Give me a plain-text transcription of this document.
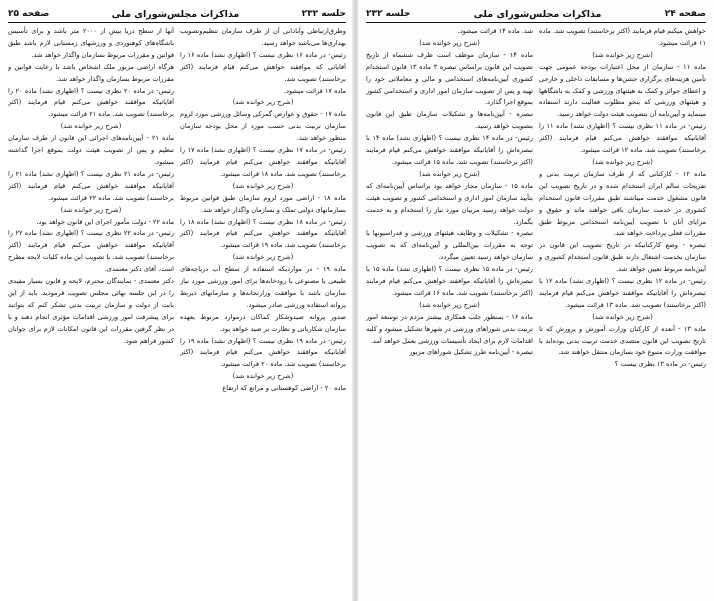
جلسه ۲۳۲
مذاکرات مجلس‌شورای ملی
صفحه ۲۵

وطرق‌ارتباطی وآبادانی آن از طرف سازمان تنظیم‌وتصویب بهداری‌ها می‌باشد خواهد رسید.

رئیس- در ماده ۱۶ نظری نیست ؟ (اظهاری نشد) ماده ۱۶ را آقایانی که موافقند خواهش می‌کنم قیام فرمایند (اکثر برخاستند) تصویب شد.

ماده ۱۷ قرائت میشود.

(شرح زیر خوانده شد)

ماده ۱۷ - حقوق و عوارض گمرکی وسائل ورزشی مورد لزوم سازمان تربیت بدنی حسب مورد از محل بودجه سازمان منظور خواهد شد.

رئیس- در ماده ۱۷ نظری نیست ؟ (اظهاری نشد) ماده ۱۷ را آقایانیکه موافقند خواهش می‌کنم قیام فرمایند (اکثر برخاستند) تصویب شد. ماده ۱۸ قرائت میشود.

(شرح زیر خوانده شد)

ماده ۱۸ - اراضی مورد لزوم سازمان طبق قوانین مربوط بسازمانهای دولتی تملک و بسازمان واگذار خواهد شد.

رئیس- در ماده ۱۸ نظری نیست ؟ (اظهاری نشد) ماده ۱۸ را آقایانیکه موافقند خواهش می‌کنم قیام فرمایند (اکثر برخاستند) تصویب شد. ماده ۱۹ قرائت میشود.

(شرح زیر خوانده شد)

ماده ۱۹ - در مواردیکه استفاده از سطح آب دریاچه‌های طبیعی یا مصنوعی یا رودخانه‌ها برای امور ورزشی مورد نیاز سازمان باشد با موافقت وزارتخانه‌ها و سازمانهای ذیربط پروانه استفاده ورزشی صادر میشود.

صدور پروانه صیدوشکار کماکان درموارد مربوط بعهده سازمان شکاربانی و نظارت بر صید خواهد بود.

رئیس- در ماده ۱۹ نظری نیست ؟ (اظهاری نشد) ماده ۱۹ را آقایانیکه موافقند خواهش می‌کنم قیام فرمایند (اکثر برخاستند) تصویب شد. ماده ۲۰ قرائت میشود.

(شرح زیر خوانده شد)

ماده ۲۰ - اراضی کوهستانی و مراتع که ارتفاع

آنها از سطح دریا بیش از ۲۰۰۰ متر باشد و برای تأسیس باشگاه‌های کوهنوردی و ورزشهای زمستانی لازم باشد طبق قوانین و مقررات مربوط بسازمان واگذار خواهد شد.

هرگاه اراضی مزبور ملک اشخاص باشد با رعایت قوانین و مقررات مربوط بسازمان واگذار خواهد شد.

رئیس- در ماده ۲۰ نظری نیست ؟ (اظهاری نشد) ماده ۲۰ را آقایانیکه موافقند خواهش می‌کنم قیام فرمایند (اکثر برخاستند) تصویب شد. ماده ۲۱ قرائت میشود.

(شرح زیر خوانده شد)

ماده ۲۱ - آیین‌نامه‌های اجرائی این قانون از طرف سازمان تنظیم و پس از تصویب هیئت دولت بموقع اجرا گذاشته میشود.

رئیس- در ماده ۲۱ نظری نیست ؟ (اظهاری نشد) ماده ۲۱ را آقایانیکه موافقند خواهش می‌کنم قیام فرمایند (اکثر برخاستند) تصویب شد. ماده ۲۲ قرائت میشود.

(شرح زیر خوانده شد)

ماده ۲۲ - دولت مأمور اجرای این قانون خواهد بود.

رئیس- در ماده ۲۲ نظری نیست ؟ (اظهاری نشد) ماده ۲۲ را آقایانیکه موافقند خواهش می‌کنم قیام فرمایند (اکثر برخاستند) تصویب شد. با تصویب این ماده کلیات لایحه مطرح است. آقای دکتر معتمدی.

دکتر معتمدی - نمایندگان محترم، لایحه و قانون بسیار مفیدی را در این جلسه نهائی مجلس تصویب فرمودید. باید از این بابت از دولت و سازمان تربیت بدنی تشکر کنم که بتوانند برای پیشرفت امور ورزشی اقدامات مؤثری انجام دهند و با در نظر گرفتن مقررات این قانون امکانات لازم برای جوانان کشور فراهم شود.

صفحه ۲۴
مذاکرات مجلس‌شورای ملی
جلسه ۲۳۲

خواهش میکنم قیام فرمایند (اکثر برخاستند) تصویب شد. ماده ۱۱ قرائت میشود.

(شرح زیر خوانده شد)

ماده ۱۱ - سازمان از محل اعتبارات بودجه عمومی جهت تأمین هزینه‌های برگزاری جشن‌ها و مسابقات داخلی و خارجی و اعطای جوائز و کمک به هیئتهای ورزشی و کمک به باشگاهها و هیئتهای ورزشی که بنحو مطلوب فعالیت دارند استفاده مینماید و آیین‌نامه آن بتصویب هیئت دولت خواهد رسید.

رئیس- در ماده ۱۱ نظری نیست ؟ (اظهاری نشد) ماده ۱۱ را آقایانیکه موافقند خواهش می‌کنم قیام فرمایند (اکثر برخاستند) تصویب شد. ماده ۱۲ قرائت میشود.

(شرح زیر خوانده شد)

ماده ۱۲ - کارکنانی که از طرف سازمان تربیت بدنی و تفریحات سالم ایران استخدام شده و در تاریخ تصویب این قانون مشغول خدمت میباشند طبق مقررات قانون استخدام کشوری در خدمت سازمان باقی خواهند ماند و حقوق و مزایای آنان تا تصویب آیین‌نامه استخدامی مربوط طبق مقررات فعلی پرداخت خواهد شد.

تبصره - وضع کارکنانیکه در تاریخ تصویب این قانون در سازمان بخدمت اشتغال دارند طبق قانون استخدام کشوری و آیین‌نامه مربوط تعیین خواهد شد.

رئیس- در ماده ۱۲ نظری نیست ؟ (اظهاری نشد) ماده ۱۲ با تبصره‌اش را آقایانیکه موافقند خواهش می‌کنم قیام فرمایند (اکثر برخاستند) تصویب شد. ماده ۱۳ قرائت میشود.

(شرح زیر خوانده شد)

ماده ۱۳ - آنعده از کارکنان وزارت آموزش و پرورش که تا تاریخ تصویب این قانون متصدی خدمت تربیت بدنی بوده‌اند با موافقت وزارت متبوع خود بسازمان منتقل خواهند شد.

رئیس- در ماده ۱۳ نظری نیست ؟

شد. ماده ۱۴ قرائت میشود.

(شرح زیر خوانده شد)

ماده ۱۴ - سازمان موظف است ظرف ششماه از تاریخ تصویب این قانون براساس تبصره ۳ ماده ۱۳ قانون استخدام کشوری آیین‌نامه‌های استخدامی و مالی و معاملاتی خود را تهیه و پس از تصویب سازمان امور اداری و استخدامی کشور بموقع اجرا گذارد.

تبصره - آیین‌نامه‌ها و تشکیلات سازمان طبق این قانون بتصویب خواهد رسید.

رئیس- در ماده ۱۴ نظری نیست ؟ (اظهاری نشد) ماده ۱۴ با تبصره‌اش را آقایانیکه موافقند خواهش می‌کنم قیام فرمایند (اکثر برخاستند) تصویب شد. ماده ۱۵ قرائت میشود.

(شرح زیر خوانده شد)

ماده ۱۵ - سازمان مجاز خواهد بود براساس آیین‌نامه‌ای که بتأیید سازمان امور اداری و استخدامی کشور و تصویب هیئت دولت خواهد رسید مربیان مورد نیاز را استخدام و به خدمت بگمارد.

تبصره - تشکیلات و وظایف هیئتهای ورزشی و فدراسیونها با توجه به مقررات بین‌المللی و آیین‌نامه‌ای که به تصویب سازمان خواهد رسید تعیین میگردد.

رئیس- در ماده ۱۵ نظری نیست ؟ (اظهاری نشد) ماده ۱۵ با تبصره‌اش را آقایانیکه موافقند خواهش می‌کنم قیام فرمایند (اکثر برخاستند) تصویب شد. ماده ۱۶ قرائت میشود.

(شرح زیر خوانده شد)

ماده ۱۶ - بمنظور جلب همکاری بیشتر مردم در توسعه امور تربیت بدنی شوراهای ورزشی در شهرها تشکیل میشود و کلیه اقدامات لازم برای ایجاد تأسیسات ورزشی بعمل خواهد آمد.

تبصره - آیین‌نامه طرز تشکیل شوراهای مزبور
